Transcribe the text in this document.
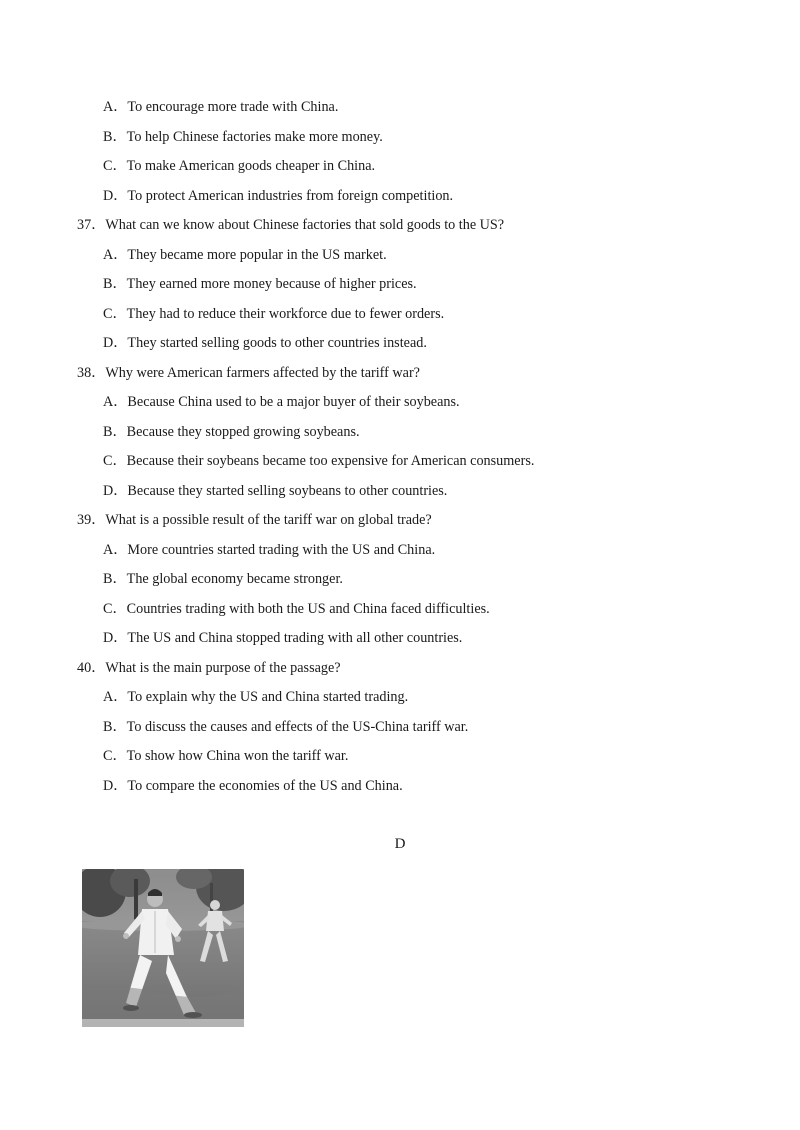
A．To encourage more trade with China.
B．To help Chinese factories make more money.
C．To make American goods cheaper in China.
D．To protect American industries from foreign competition.
37．What can we know about Chinese factories that sold goods to the US?
A．They became more popular in the US market.
B．They earned more money because of higher prices.
C．They had to reduce their workforce due to fewer orders.
D．They started selling goods to other countries instead.
38．Why were American farmers affected by the tariff war?
A．Because China used to be a major buyer of their soybeans.
B．Because they stopped growing soybeans.
C．Because their soybeans became too expensive for American consumers.
D．Because they started selling soybeans to other countries.
39．What is a possible result of the tariff war on global trade?
A．More countries started trading with the US and China.
B．The global economy became stronger.
C．Countries trading with both the US and China faced difficulties.
D．The US and China stopped trading with all other countries.
40．What is the main purpose of the passage?
A．To explain why the US and China started trading.
B．To discuss the causes and effects of the US-China tariff war.
C．To show how China won the tariff war.
D．To compare the economies of the US and China.
D
